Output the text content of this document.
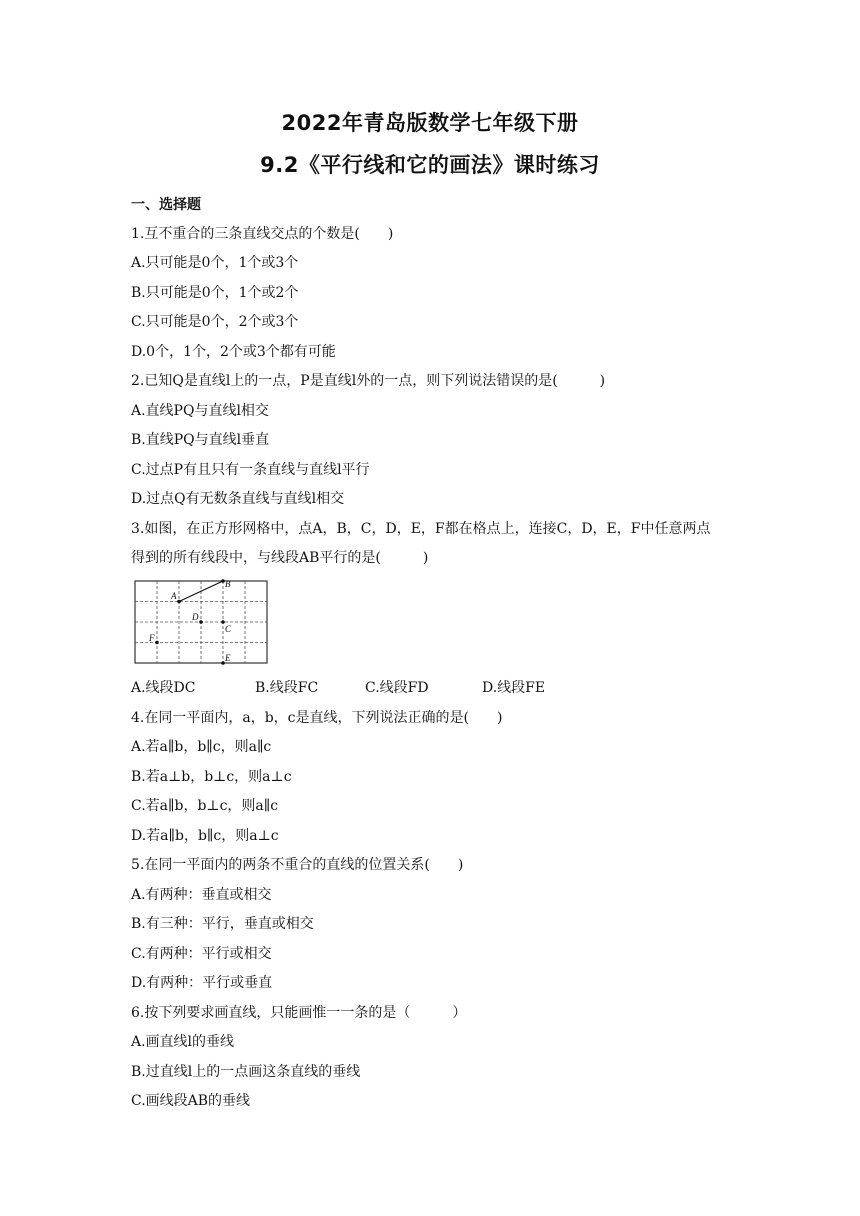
2022年青岛版数学七年级下册
9.2《平行线和它的画法》课时练习
一、选择题
1.互不重合的三条直线交点的个数是(　　)
A.只可能是0个，1个或3个
B.只可能是0个，1个或2个
C.只可能是0个，2个或3个
D.0个，1个，2个或3个都有可能
2.已知Q是直线l上的一点，P是直线l外的一点，则下列说法错误的是(　　　)
A.直线PQ与直线l相交
B.直线PQ与直线l垂直
C.过点P有且只有一条直线与直线l平行
D.过点Q有无数条直线与直线l相交
3.如图，在正方形网格中，点A，B，C，D，E，F都在格点上，连接C，D，E，F中任意两点
得到的所有线段中，与线段AB平行的是(　　　)
A
B
C
D
E
F
A.线段DC	B.线段FC	C.线段FD	D.线段FE
4.在同一平面内，a，b，c是直线，下列说法正确的是(　　)
A.若a∥b，b∥c，则a∥c
B.若a⊥b，b⊥c，则a⊥c
C.若a∥b，b⊥c，则a∥c
D.若a∥b，b∥c，则a⊥c
5.在同一平面内的两条不重合的直线的位置关系(　　)
A.有两种：垂直或相交
B.有三种：平行，垂直或相交
C.有两种：平行或相交
D.有两种：平行或垂直
6.按下列要求画直线，只能画惟一一条的是（　　　）
A.画直线l的垂线
B.过直线l上的一点画这条直线的垂线
C.画线段AB的垂线
